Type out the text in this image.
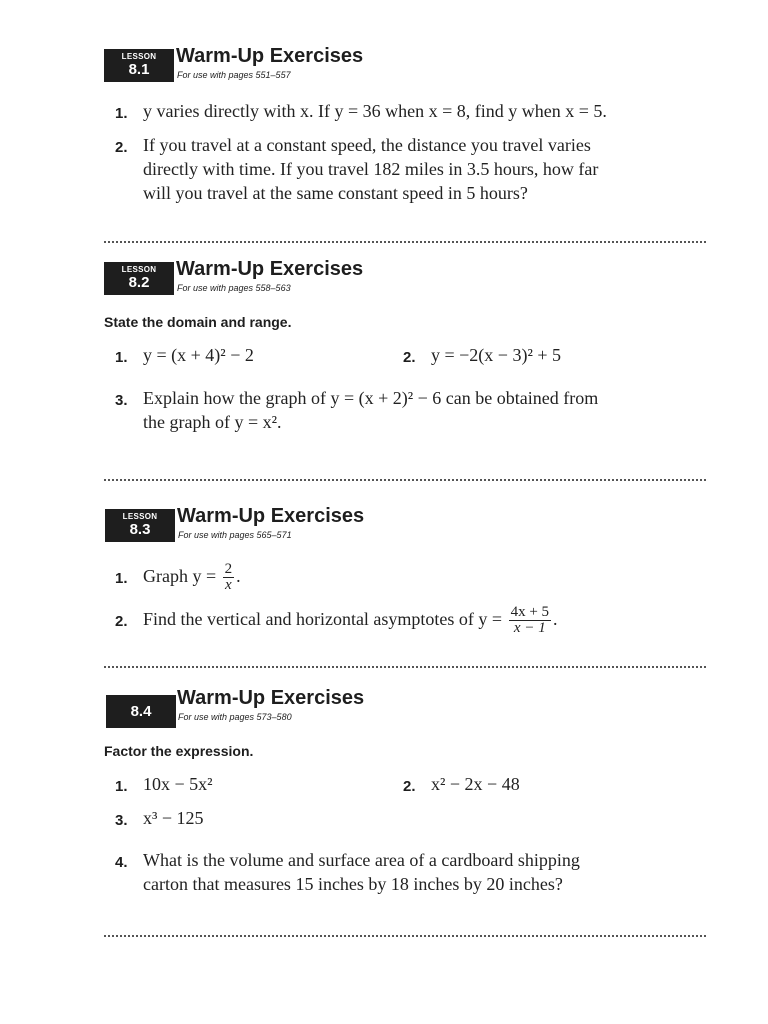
LESSON
8.1
Warm-Up Exercises
For use with pages 551–557
1. y varies directly with x. If y = 36 when x = 8, find y when x = 5.
2. If you travel at a constant speed, the distance you travel varies
directly with time. If you travel 182 miles in 3.5 hours, how far
will you travel at the same constant speed in 5 hours?
LESSON
8.2
Warm-Up Exercises
For use with pages 558–563
State the domain and range.
1. y = (x + 4)² − 2	2. y = −2(x − 3)² + 5
3. Explain how the graph of y = (x + 2)² − 6 can be obtained from
the graph of y = x².
LESSON
8.3
Warm-Up Exercises
For use with pages 565–571
1. Graph $y = \frac{2}{x}$ .
2. Find the vertical and horizontal asymptotes of $y = \frac{4x + 5}{x - 1}$ .
8.4
Warm-Up Exercises
For use with pages 573–580
Factor the expression.
1. 10x − 5x²	2. x² − 2x − 48
3. x³ − 125
4. What is the volume and surface area of a cardboard shipping
carton that measures 15 inches by 18 inches by 20 inches?
